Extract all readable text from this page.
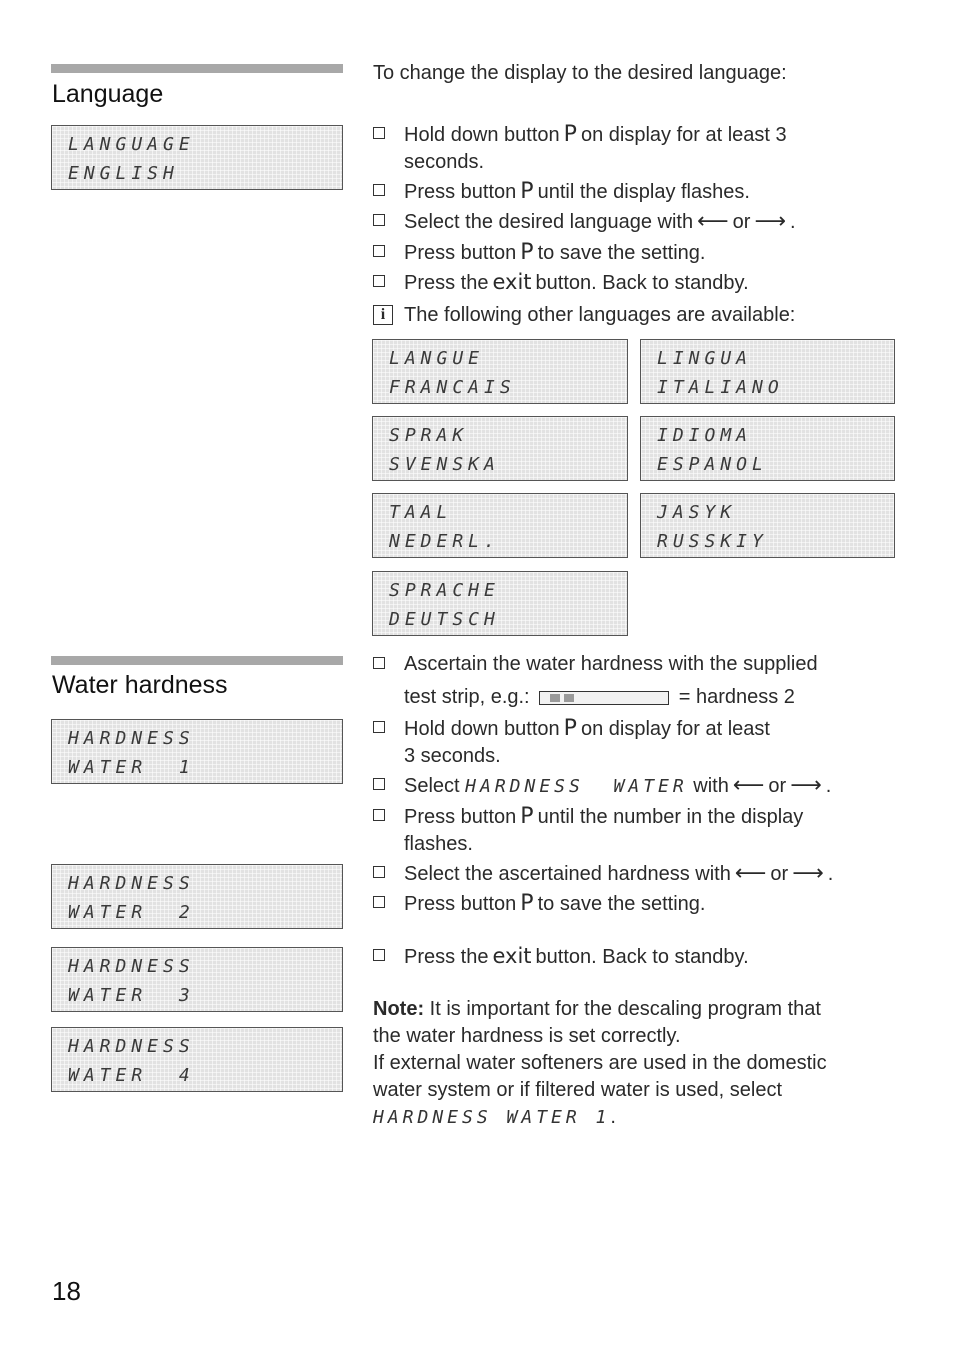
Language
LANGUAGE
ENGLISH
To change the display to the desired language:
Hold down button P on display for at least 3
seconds.
Press button P until the display flashes.
Select the desired language with ⟵ or ⟶ .
Press button P to save the setting.
Press the exit button. Back to standby.
i The following other languages are available:
LANGUE
FRANCAIS
LINGUA
ITALIANO
SPRAK
SVENSKA
IDIOMA
ESPANOL
TAAL
NEDERL.
JASYK
RUSSKIY
SPRACHE
DEUTSCH
Water hardness
HARDNESS
WATER  1
HARDNESS
WATER  2
HARDNESS
WATER  3
HARDNESS
WATER  4
Ascertain the water hardness with the supplied
test strip, e.g.:	= hardness 2
Hold down button P on display for at least
3 seconds.
Select HARDNESS  WATER with ⟵ or ⟶ .
Press button P until the number in the display
flashes.
Select the ascertained hardness with ⟵ or ⟶ .
Press button P to save the setting.
Press the exit button. Back to standby.
Note: It is important for the descaling program that
the water hardness is set correctly.
If external water softeners are used in the domestic
water system or if filtered water is used, select
HARDNESS WATER 1.
18
